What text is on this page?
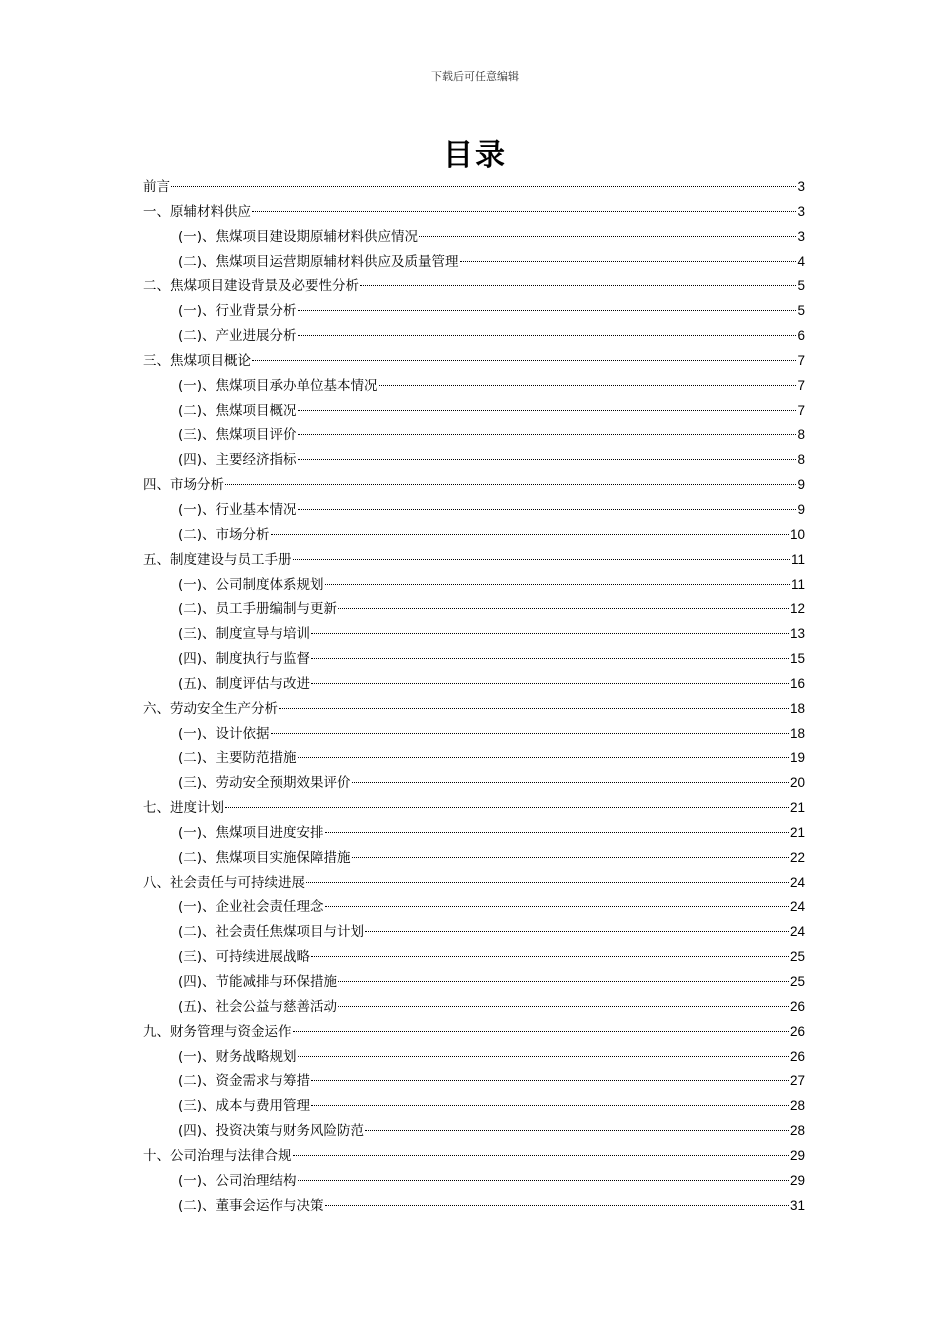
下载后可任意编辑
目录
前言	3
一、原辅材料供应	3
(一)、焦煤项目建设期原辅材料供应情况	3
(二)、焦煤项目运营期原辅材料供应及质量管理	4
二、焦煤项目建设背景及必要性分析	5
(一)、行业背景分析	5
(二)、产业进展分析	6
三、焦煤项目概论	7
(一)、焦煤项目承办单位基本情况	7
(二)、焦煤项目概况	7
(三)、焦煤项目评价	8
(四)、主要经济指标	8
四、市场分析	9
(一)、行业基本情况	9
(二)、市场分析	10
五、制度建设与员工手册	11
(一)、公司制度体系规划	11
(二)、员工手册编制与更新	12
(三)、制度宣导与培训	13
(四)、制度执行与监督	15
(五)、制度评估与改进	16
六、劳动安全生产分析	18
(一)、设计依据	18
(二)、主要防范措施	19
(三)、劳动安全预期效果评价	20
七、进度计划	21
(一)、焦煤项目进度安排	21
(二)、焦煤项目实施保障措施	22
八、社会责任与可持续进展	24
(一)、企业社会责任理念	24
(二)、社会责任焦煤项目与计划	24
(三)、可持续进展战略	25
(四)、节能减排与环保措施	25
(五)、社会公益与慈善活动	26
九、财务管理与资金运作	26
(一)、财务战略规划	26
(二)、资金需求与筹措	27
(三)、成本与费用管理	28
(四)、投资决策与财务风险防范	28
十、公司治理与法律合规	29
(一)、公司治理结构	29
(二)、董事会运作与决策	31
